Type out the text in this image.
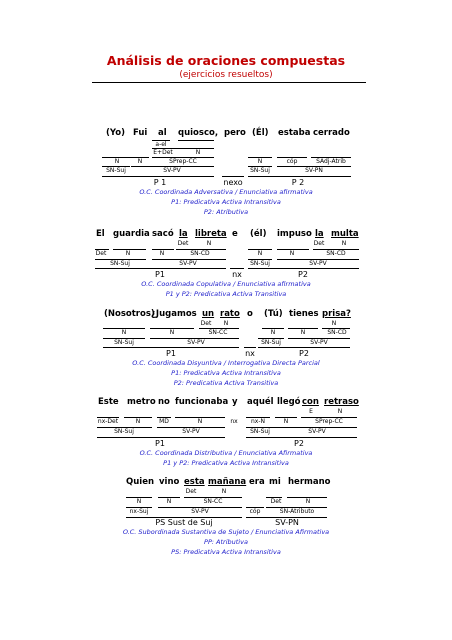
Análisis de oraciones compuestas
(ejercicios resueltos)
(Yo) Fui al quiosco, pero (Él) estaba cerrado
a-el
E+Det	N
N	N	SPrep-CC	N	cóp	SAdj-Atrib
SN-Suj	SV-PV	SN-Suj	SV-PN
P 1	nexo	P 2
O.C. Coordinada Adversativa / Enunciativa afirmativa
P1: Predicativa Activa Intransitiva
P2: Atributiva
El guardia sacó la libreta e (él) impuso la multa
Det	N	Det	N
Det	N	N	SN-CD	N	N	SN-CD
SN-Suj	SV-PV	SN-Suj	SV-PV
P1	nx	P2
O.C. Coordinada Copulativa / Enunciativa afirmativa
P1 y P2: Predicativa Activa Transitiva
(Nosotros)
¿Jugamos un rato o (Tú) tienes prisa?
Det N	N
N	N	SN-CC	N	N	SN-CD
SN-Suj	SV-PV	SN-Suj	SV-PV
P1	nx	P2
O.C. Coordinada Disyuntiva / Interrogativa Directa Parcial
P1: Predicativa Activa Intransitiva
P2: Predicativa Activa Transitiva
Este metro no funcionaba y aquél llegó con retraso
E	N
nx-Det	N	MD	N	nx nx-N	N	SPrep-CC
SN-Suj	SV-PV	SN-Suj	SV-PV
P1	P2
O.C. Coordinada Distributiva / Enunciativa Afirmativa
P1 y P2: Predicativa Activa Intransitiva
Quien vino esta mañana era mi hermano
Det	N
N	N	SN-CC	Det	N
nx-Suj	SV-PV	cóp	SN-Atributo
PS Sust de Suj	SV-PN
O.C. Subordinada Sustantiva de Sujeto / Enunciativa Afirmativa
PP: Atributiva
PS: Predicativa Activa Intransitiva
